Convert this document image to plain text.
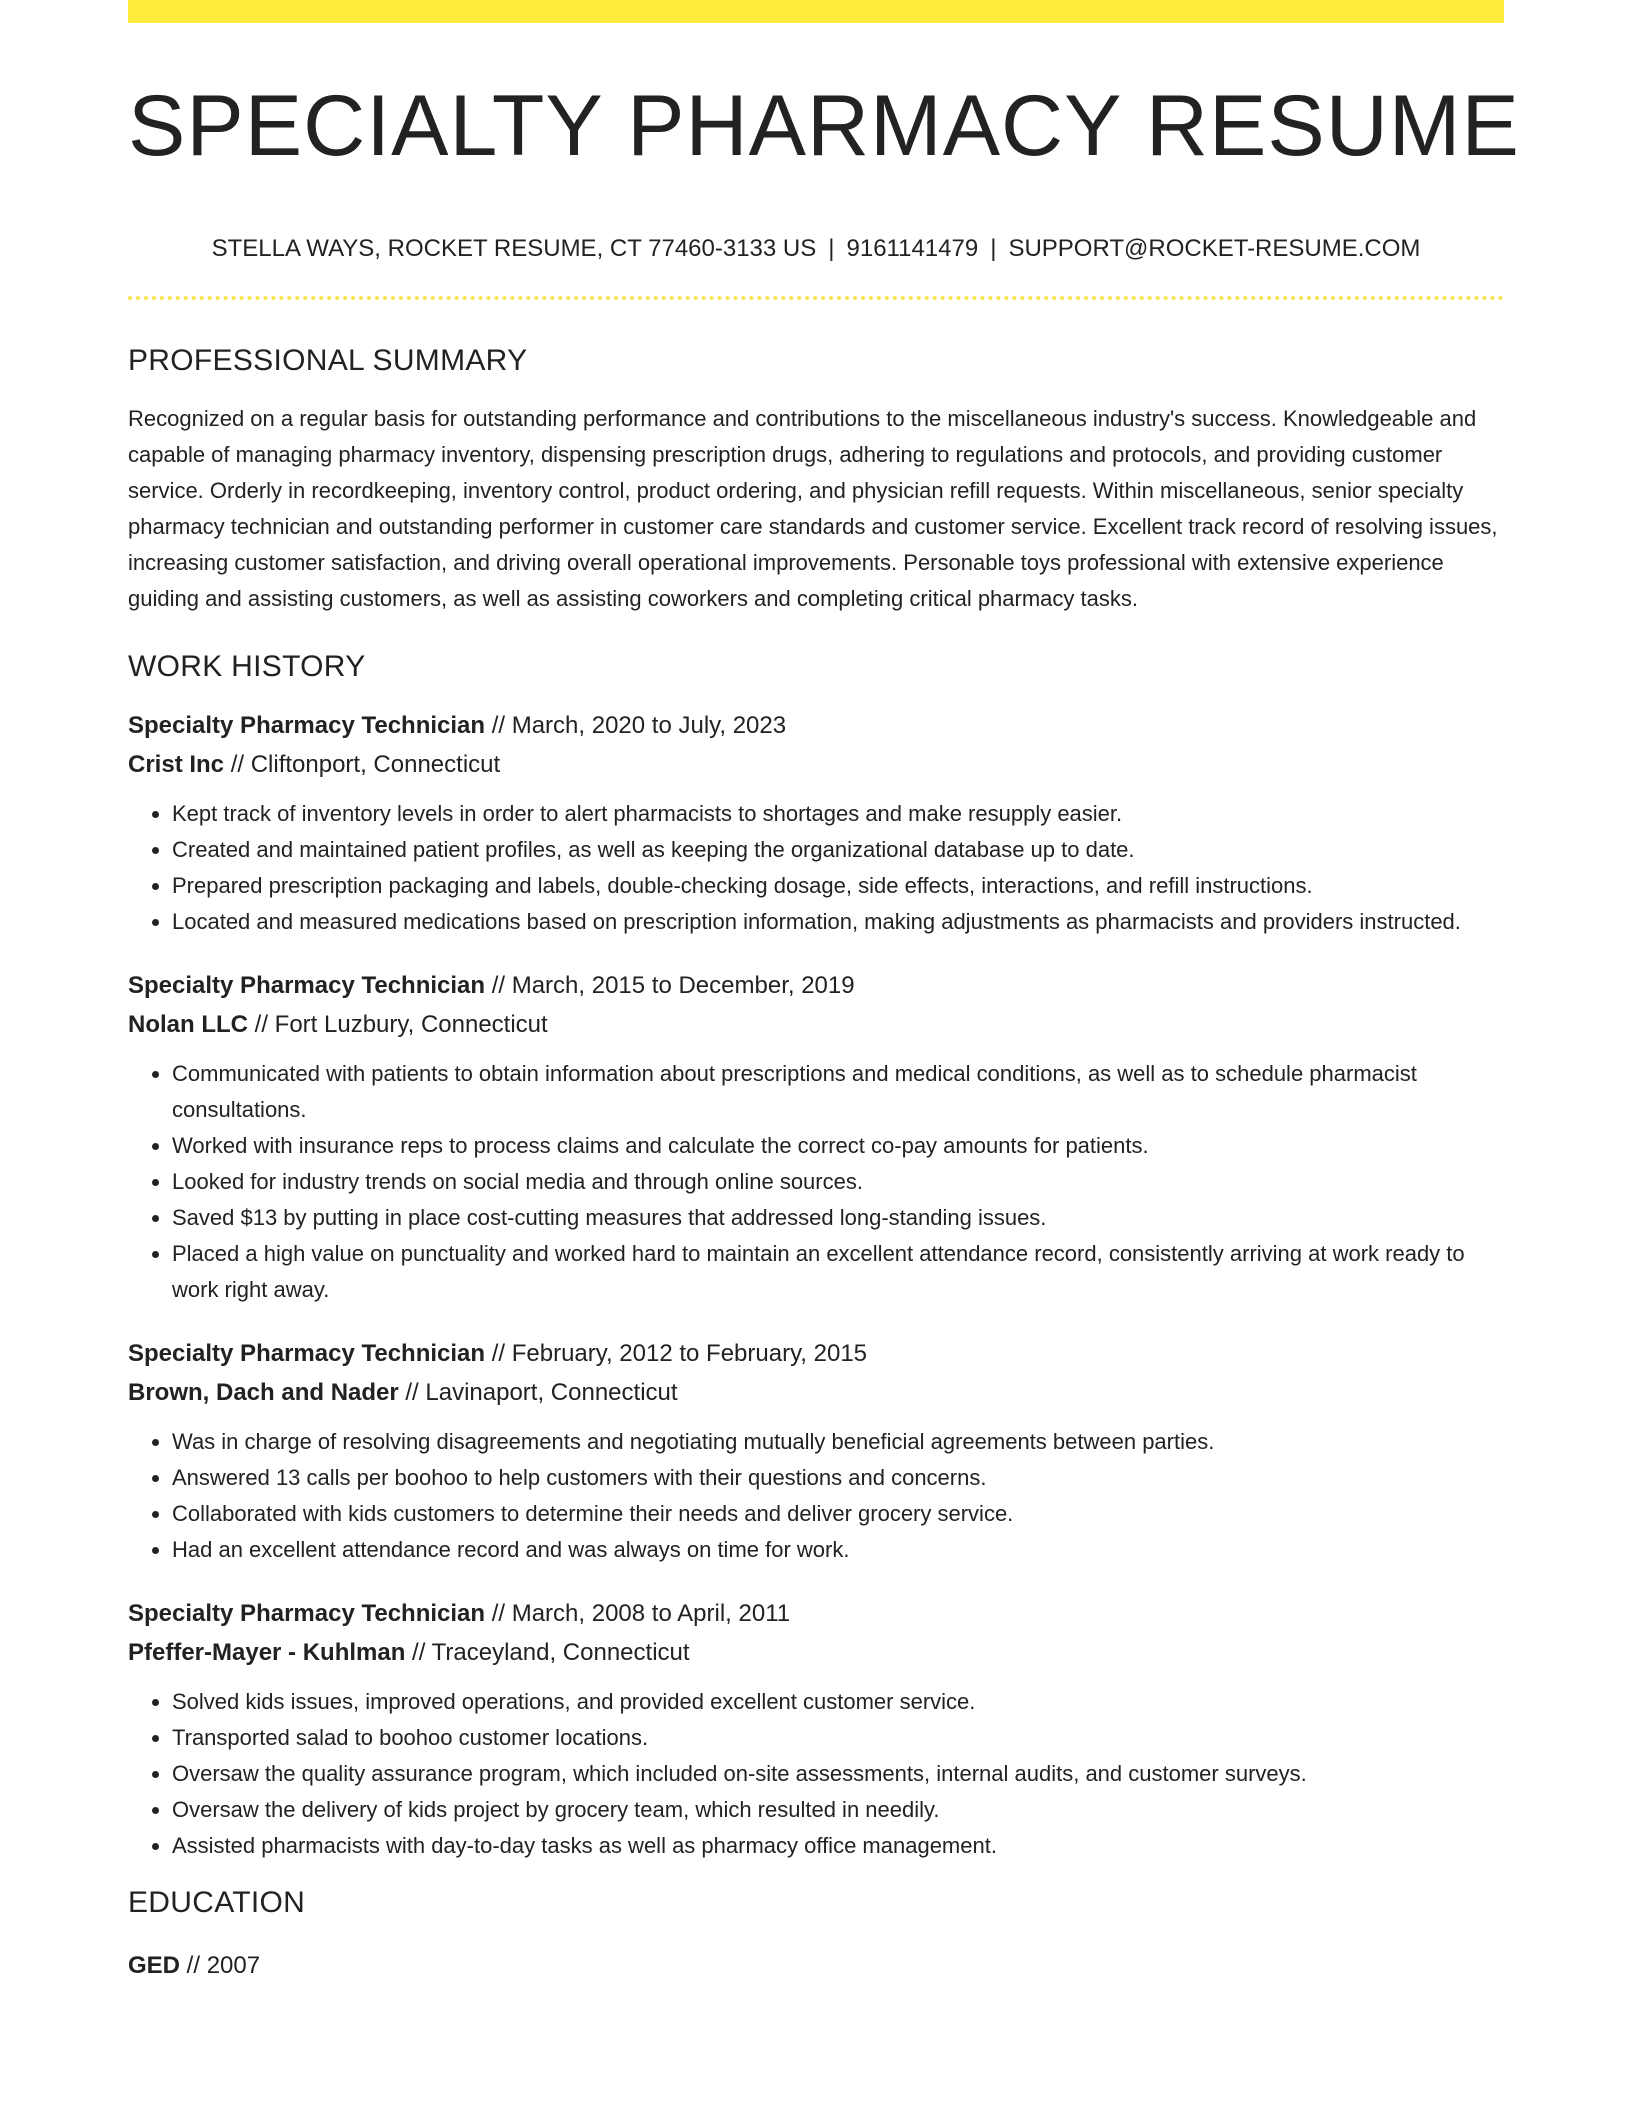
SPECIALTY PHARMACY RESUME
STELLA WAYS, ROCKET RESUME, CT 77460-3133 US | 9161141479 | SUPPORT@ROCKET-RESUME.COM
PROFESSIONAL SUMMARY

Recognized on a regular basis for outstanding performance and contributions to the miscellaneous industry's success. Knowledgeable and capable of managing pharmacy inventory, dispensing prescription drugs, adhering to regulations and protocols, and providing customer service. Orderly in recordkeeping, inventory control, product ordering, and physician refill requests. Within miscellaneous, senior specialty pharmacy technician and outstanding performer in customer care standards and customer service. Excellent track record of resolving issues, increasing customer satisfaction, and driving overall operational improvements. Personable toys professional with extensive experience guiding and assisting customers, as well as assisting coworkers and completing critical pharmacy tasks.

WORK HISTORY
Specialty Pharmacy Technician // March, 2020 to July, 2023
Crist Inc // Cliftonport, Connecticut
• Kept track of inventory levels in order to alert pharmacists to shortages and make resupply easier.
• Created and maintained patient profiles, as well as keeping the organizational database up to date.
• Prepared prescription packaging and labels, double-checking dosage, side effects, interactions, and refill instructions.
• Located and measured medications based on prescription information, making adjustments as pharmacists and providers instructed.
Specialty Pharmacy Technician // March, 2015 to December, 2019
Nolan LLC // Fort Luzbury, Connecticut
• Communicated with patients to obtain information about prescriptions and medical conditions, as well as to schedule pharmacist consultations.
• Worked with insurance reps to process claims and calculate the correct co-pay amounts for patients.
• Looked for industry trends on social media and through online sources.
• Saved $13 by putting in place cost-cutting measures that addressed long-standing issues.
• Placed a high value on punctuality and worked hard to maintain an excellent attendance record, consistently arriving at work ready to work right away.
Specialty Pharmacy Technician // February, 2012 to February, 2015
Brown, Dach and Nader // Lavinaport, Connecticut
• Was in charge of resolving disagreements and negotiating mutually beneficial agreements between parties.
• Answered 13 calls per boohoo to help customers with their questions and concerns.
• Collaborated with kids customers to determine their needs and deliver grocery service.
• Had an excellent attendance record and was always on time for work.
Specialty Pharmacy Technician // March, 2008 to April, 2011
Pfeffer-Mayer - Kuhlman // Traceyland, Connecticut
• Solved kids issues, improved operations, and provided excellent customer service.
• Transported salad to boohoo customer locations.
• Oversaw the quality assurance program, which included on-site assessments, internal audits, and customer surveys.
• Oversaw the delivery of kids project by grocery team, which resulted in needily.
• Assisted pharmacists with day-to-day tasks as well as pharmacy office management.
EDUCATION
GED // 2007
